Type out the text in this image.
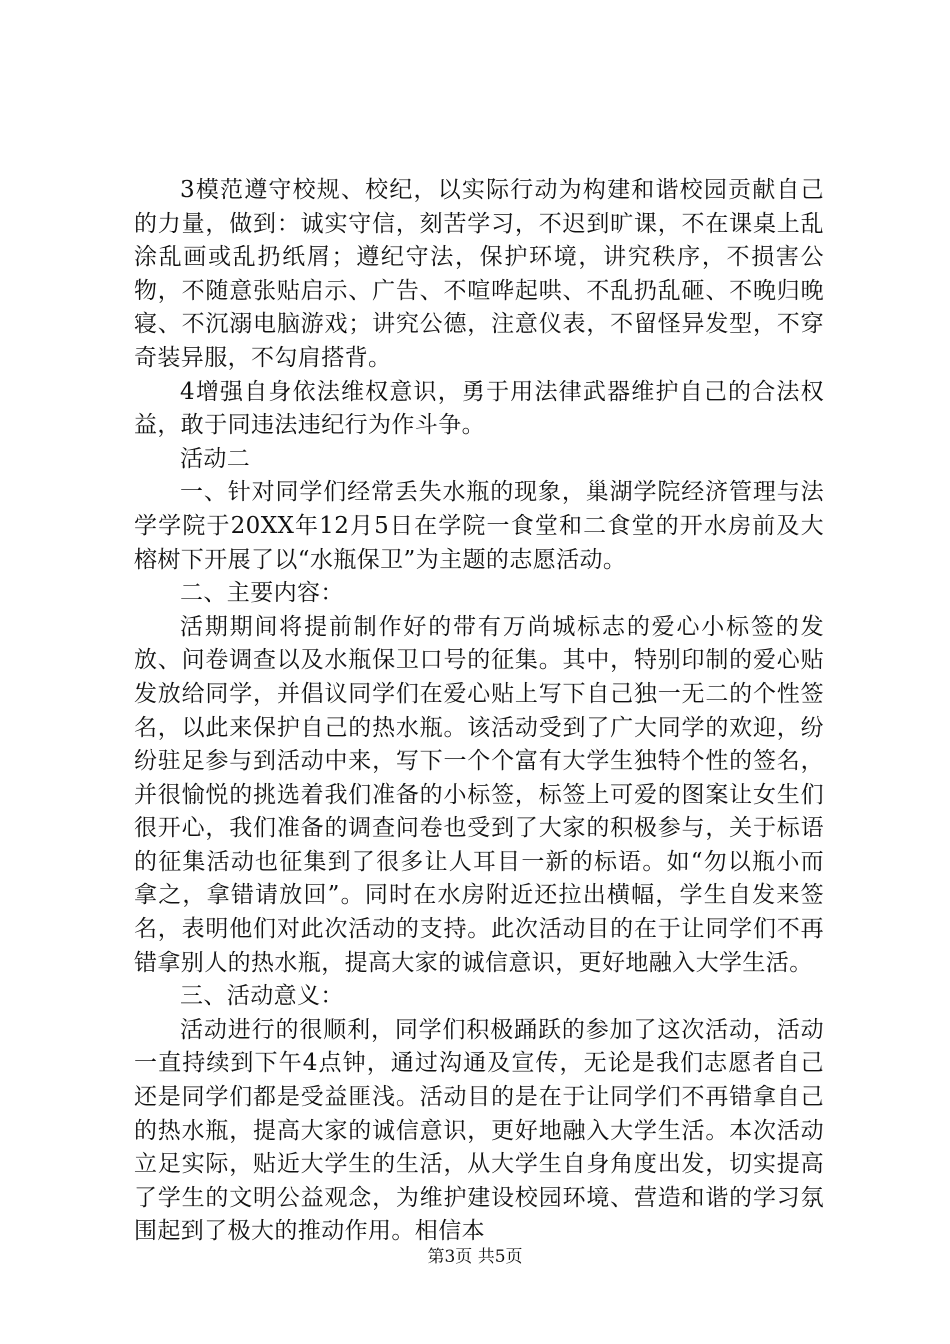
3模范遵守校规、校纪，以实际行动为构建和谐校园贡献自己的力量，做到：诚实守信，刻苦学习，不迟到旷课，不在课桌上乱涂乱画或乱扔纸屑；遵纪守法，保护环境，讲究秩序，不损害公物，不随意张贴启示、广告、不喧哗起哄、不乱扔乱砸、不晚归晚寝、不沉溺电脑游戏；讲究公德，注意仪表，不留怪异发型，不穿奇装异服，不勾肩搭背。

4增强自身依法维权意识，勇于用法律武器维护自己的合法权益，敢于同违法违纪行为作斗争。

活动二

一、针对同学们经常丢失水瓶的现象，巢湖学院经济管理与法学学院于20XX年12月5日在学院一食堂和二食堂的开水房前及大榕树下开展了以“水瓶保卫”为主题的志愿活动。

二、主要内容：

活期期间将提前制作好的带有万尚城标志的爱心小标签的发放、问卷调查以及水瓶保卫口号的征集。其中，特别印制的爱心贴发放给同学，并倡议同学们在爱心贴上写下自己独一无二的个性签名，以此来保护自己的热水瓶。该活动受到了广大同学的欢迎，纷纷驻足参与到活动中来，写下一个个富有大学生独特个性的签名，并很愉悦的挑选着我们准备的小标签，标签上可爱的图案让女生们很开心，我们准备的调查问卷也受到了大家的积极参与，关于标语的征集活动也征集到了很多让人耳目一新的标语。如“勿以瓶小而拿之，拿错请放回”。同时在水房附近还拉出横幅，学生自发来签名，表明他们对此次活动的支持。此次活动目的在于让同学们不再错拿别人的热水瓶，提高大家的诚信意识，更好地融入大学生活。

三、活动意义：

活动进行的很顺利，同学们积极踊跃的参加了这次活动，活动一直持续到下午4点钟，通过沟通及宣传，无论是我们志愿者自己还是同学们都是受益匪浅。活动目的是在于让同学们不再错拿自己的热水瓶，提高大家的诚信意识，更好地融入大学生活。本次活动立足实际，贴近大学生的生活，从大学生自身角度出发，切实提高了学生的文明公益观念，为维护建设校园环境、营造和谐的学习氛围起到了极大的推动作用。相信本

第3页 共5页
